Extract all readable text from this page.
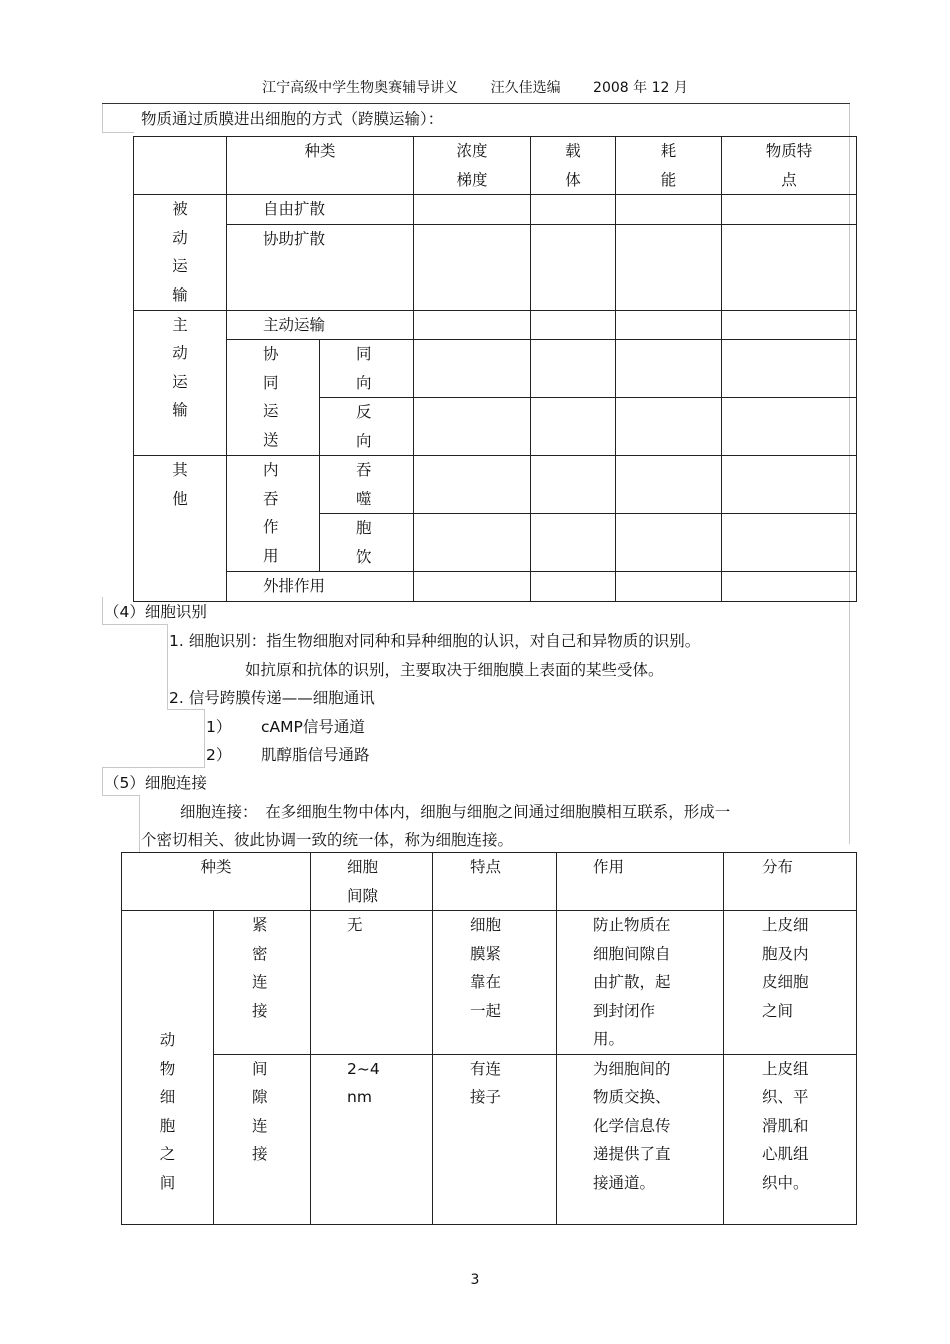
江宁高级中学生物奥赛辅导讲义 汪久佳选编 2008 年 12 月
物质通过质膜进出细胞的方式（跨膜运输）：
	种类		浓度梯度	载体	耗能	物质特点

被动运输	自由扩散					
	协助扩散					

主动运输	主动运输					

	协同运送	同向				

		反向				

其他	内吞作用	吞噬				

		胞饮				

	外排作用					
（4）细胞识别
1. 细胞识别：指生物细胞对同种和异种细胞的认识，对自己和异物质的识别。
如抗原和抗体的识别，主要取决于细胞膜上表面的某些受体。
2. 信号跨膜传递——细胞通讯
1） cAMP信号通道
2） 肌醇脂信号通路
（5）细胞连接
细胞连接：　在多细胞生物中体内，细胞与细胞之间通过细胞膜相互联系，形成一
个密切相关、彼此协调一致的统一体，称为细胞连接。
种类		细胞间隙	特点	作用	分布

动物细胞之间	紧密连接	无	细胞膜紧靠在一起	防止物质在细胞间隙自由扩散，起到封闭作用。	上皮细胞及内皮细胞之间

	间隙连接	2~4 nm	有连接子	为细胞间的物质交换、化学信息传递提供了直接通道。	上皮组织、平滑肌和心肌组织中。
3
